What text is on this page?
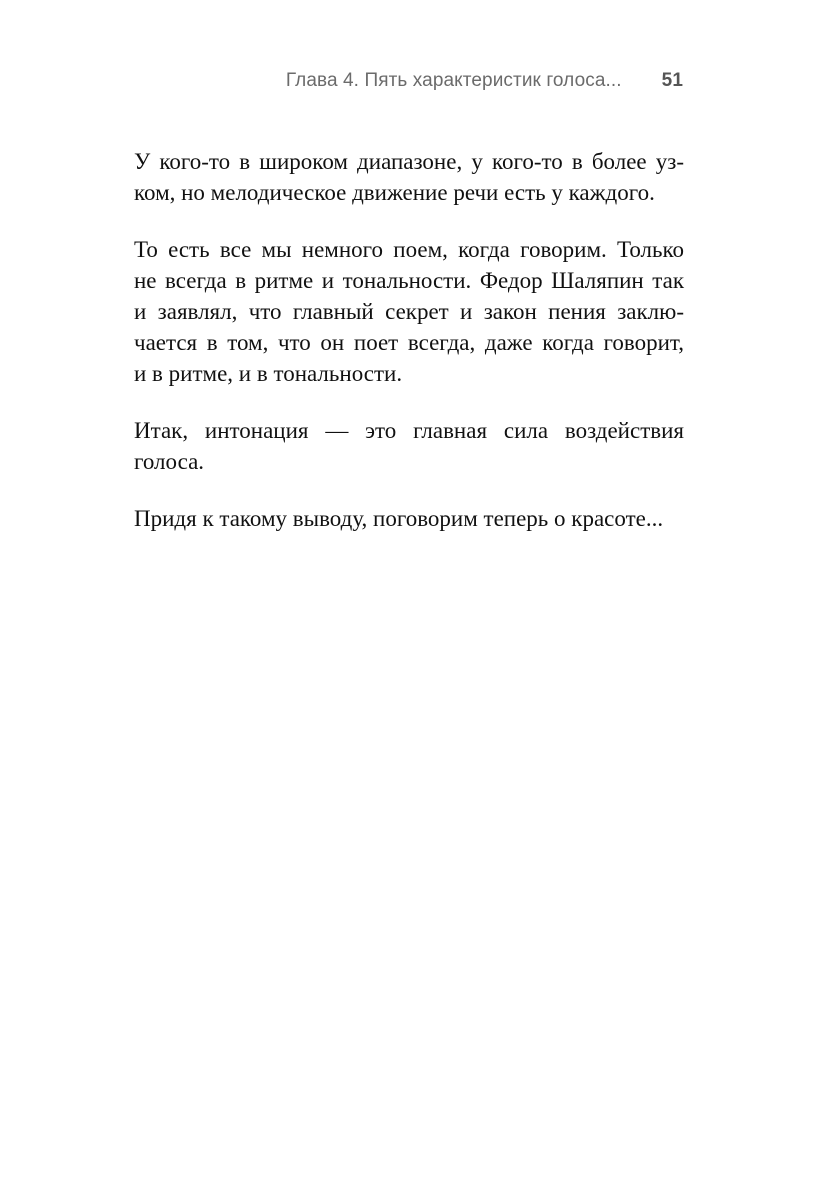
Глава 4. Пять характеристик голоса... 51

У кого-то в широком диапазоне, у кого-то в более уз-
ком, но мелодическое движение речи есть у каждого.

То есть все мы немного поем, когда говорим. Только
не всегда в ритме и тональности. Федор Шаляпин так
и заявлял, что главный секрет и закон пения заклю-
чается в том, что он поет всегда, даже когда говорит,
и в ритме, и в тональности.

Итак, интонация — это главная сила воздействия
голоса.

Придя к такому выводу, поговорим теперь о красоте...
